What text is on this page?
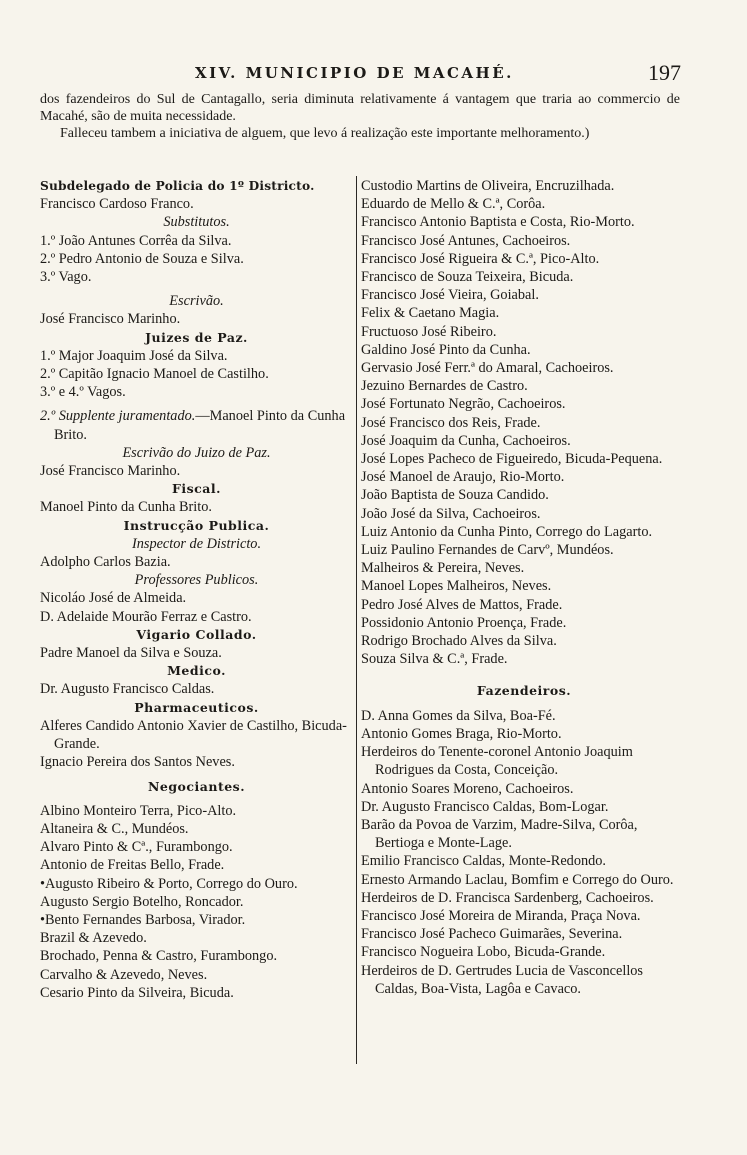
XIV. MUNICIPIO DE MACAHÉ.	197

dos fazendeiros do Sul de Cantagallo, seria diminuta relativamente á vantagem que traria ao commercio de Macahé, são de muita necessidade.

Falleceu tambem a iniciativa de alguem, que levo á realização este importante melhoramento.)

Subdelegado de Policia do 1º Districto.
Francisco Cardoso Franco.
Substitutos.
1.º João Antunes Corrêa da Silva.
2.º Pedro Antonio de Souza e Silva.
3.º Vago.
Escrivão.
José Francisco Marinho.
Juizes de Paz.
1.º Major Joaquim José da Silva.
2.º Capitão Ignacio Manoel de Castilho.
3.º e 4.º Vagos.
2.º Supplente juramentado.—Manoel Pinto da Cunha Brito.
Escrivão do Juizo de Paz.
José Francisco Marinho.
Fiscal.
Manoel Pinto da Cunha Brito.
Instrucção Publica.
Inspector de Districto.
Adolpho Carlos Bazia.
Professores Publicos.
Nicoláo José de Almeida.
D. Adelaide Mourão Ferraz e Castro.
Vigario Collado.
Padre Manoel da Silva e Souza.
Medico.
Dr. Augusto Francisco Caldas.
Pharmaceuticos.
Alferes Candido Antonio Xavier de Castilho, Bicuda-Grande.
Ignacio Pereira dos Santos Neves.
Negociantes.
Albino Monteiro Terra, Pico-Alto.
Altaneira & C., Mundéos.
Alvaro Pinto & Cª., Furambongo.
Antonio de Freitas Bello, Frade.
•Augusto Ribeiro & Porto, Corrego do Ouro.
Augusto Sergio Botelho, Roncador.
•Bento Fernandes Barbosa, Virador.
Brazil & Azevedo.
Brochado, Penna & Castro, Furambongo.
Carvalho & Azevedo, Neves.
Cesario Pinto da Silveira, Bicuda.
Custodio Martins de Oliveira, Encruzilhada.
Eduardo de Mello & C.ª, Corôa.
Francisco Antonio Baptista e Costa, Rio-Morto.
Francisco José Antunes, Cachoeiros.
Francisco José Rigueira & C.ª, Pico-Alto.
Francisco de Souza Teixeira, Bicuda.
Francisco José Vieira, Goiabal.
Felix & Caetano Magia.
Fructuoso José Ribeiro.
Galdino José Pinto da Cunha.
Gervasio José Ferr.ª do Amaral, Cachoeiros.
Jezuino Bernardes de Castro.
José Fortunato Negrão, Cachoeiros.
José Francisco dos Reis, Frade.
José Joaquim da Cunha, Cachoeiros.
José Lopes Pacheco de Figueiredo, Bicuda-Pequena.
José Manoel de Araujo, Rio-Morto.
João Baptista de Souza Candido.
João José da Silva, Cachoeiros.
Luiz Antonio da Cunha Pinto, Corrego do Lagarto.
Luiz Paulino Fernandes de Carvº, Mundéos.
Malheiros & Pereira, Neves.
Manoel Lopes Malheiros, Neves.
Pedro José Alves de Mattos, Frade.
Possidonio Antonio Proença, Frade.
Rodrigo Brochado Alves da Silva.
Souza Silva & C.ª, Frade.
Fazendeiros.
D. Anna Gomes da Silva, Boa-Fé.
Antonio Gomes Braga, Rio-Morto.
Herdeiros do Tenente-coronel Antonio Joaquim Rodrigues da Costa, Conceição.
Antonio Soares Moreno, Cachoeiros.
Dr. Augusto Francisco Caldas, Bom-Logar.
Barão da Povoa de Varzim, Madre-Silva, Corôa, Bertioga e Monte-Lage.
Emilio Francisco Caldas, Monte-Redondo.
Ernesto Armando Laclau, Bomfim e Corrego do Ouro.
Herdeiros de D. Francisca Sardenberg, Cachoeiros.
Francisco José Moreira de Miranda, Praça Nova.
Francisco José Pacheco Guimarães, Severina.
Francisco Nogueira Lobo, Bicuda-Grande.
Herdeiros de D. Gertrudes Lucia de Vasconcellos Caldas, Boa-Vista, Lagôa e Cavaco.
